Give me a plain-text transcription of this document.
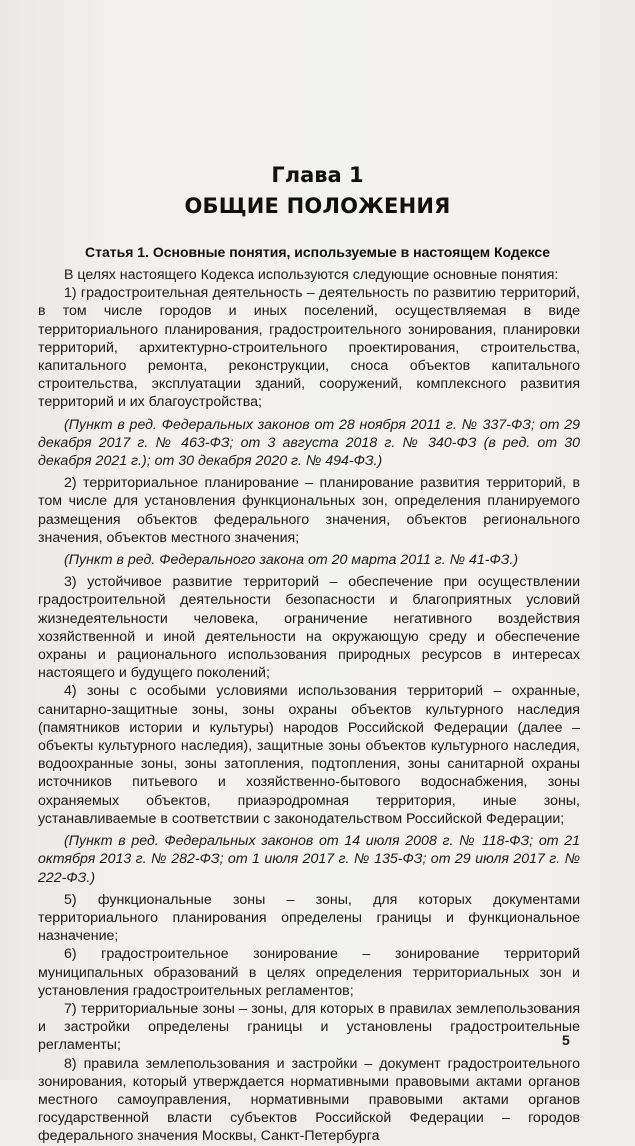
Глава 1
ОБЩИЕ ПОЛОЖЕНИЯ
Статья 1. Основные понятия, используемые в настоящем Кодексе

В целях настоящего Кодекса используются следующие основные понятия:

1) градостроительная деятельность – деятельность по развитию территорий, в том числе городов и иных поселений, осуществляемая в виде территориального планирования, градостроительного зонирования, планировки территорий, архитектурно-строительного проектирования, строительства, капитального ремонта, реконструкции, сноса объектов капитального строительства, эксплуатации зданий, сооружений, комплексного развития территорий и их благоустройства;

(Пункт в ред. Федеральных законов от 28 ноября 2011 г. № 337-ФЗ; от 29 декабря 2017 г. № 463-ФЗ; от 3 августа 2018 г. № 340-ФЗ (в ред. от 30 декабря 2021 г.); от 30 декабря 2020 г. № 494-ФЗ.)

2) территориальное планирование – планирование развития территорий, в том числе для установления функциональных зон, определения планируемого размещения объектов федерального значения, объектов регионального значения, объектов местного значения;

(Пункт в ред. Федерального закона от 20 марта 2011 г. № 41-ФЗ.)

3) устойчивое развитие территорий – обеспечение при осуществлении градостроительной деятельности безопасности и благоприятных условий жизнедеятельности человека, ограничение негативного воздействия хозяйственной и иной деятельности на окружающую среду и обеспечение охраны и рационального использования природных ресурсов в интересах настоящего и будущего поколений;

4) зоны с особыми условиями использования территорий – охранные, санитарно-защитные зоны, зоны охраны объектов культурного наследия (памятников истории и культуры) народов Российской Федерации (далее – объекты культурного наследия), защитные зоны объектов культурного наследия, водоохранные зоны, зоны затопления, подтопления, зоны санитарной охраны источников питьевого и хозяйственно-бытового водоснабжения, зоны охраняемых объектов, приаэродромная территория, иные зоны, устанавливаемые в соответствии с законодательством Российской Федерации;

(Пункт в ред. Федеральных законов от 14 июля 2008 г. № 118-ФЗ; от 21 октября 2013 г. № 282-ФЗ; от 1 июля 2017 г. № 135-ФЗ; от 29 июля 2017 г. № 222-ФЗ.)

5) функциональные зоны – зоны, для которых документами территориального планирования определены границы и функциональное назначение;

6) градостроительное зонирование – зонирование территорий муниципальных образований в целях определения территориальных зон и установления градостроительных регламентов;

7) территориальные зоны – зоны, для которых в правилах землепользования и застройки определены границы и установлены градостроительные регламенты;

8) правила землепользования и застройки – документ градостроительного зонирования, который утверждается нормативными правовыми актами органов местного самоуправления, нормативными правовыми актами органов государственной власти субъектов Российской Федерации – городов федерального значения Москвы, Санкт-Петербурга

5
